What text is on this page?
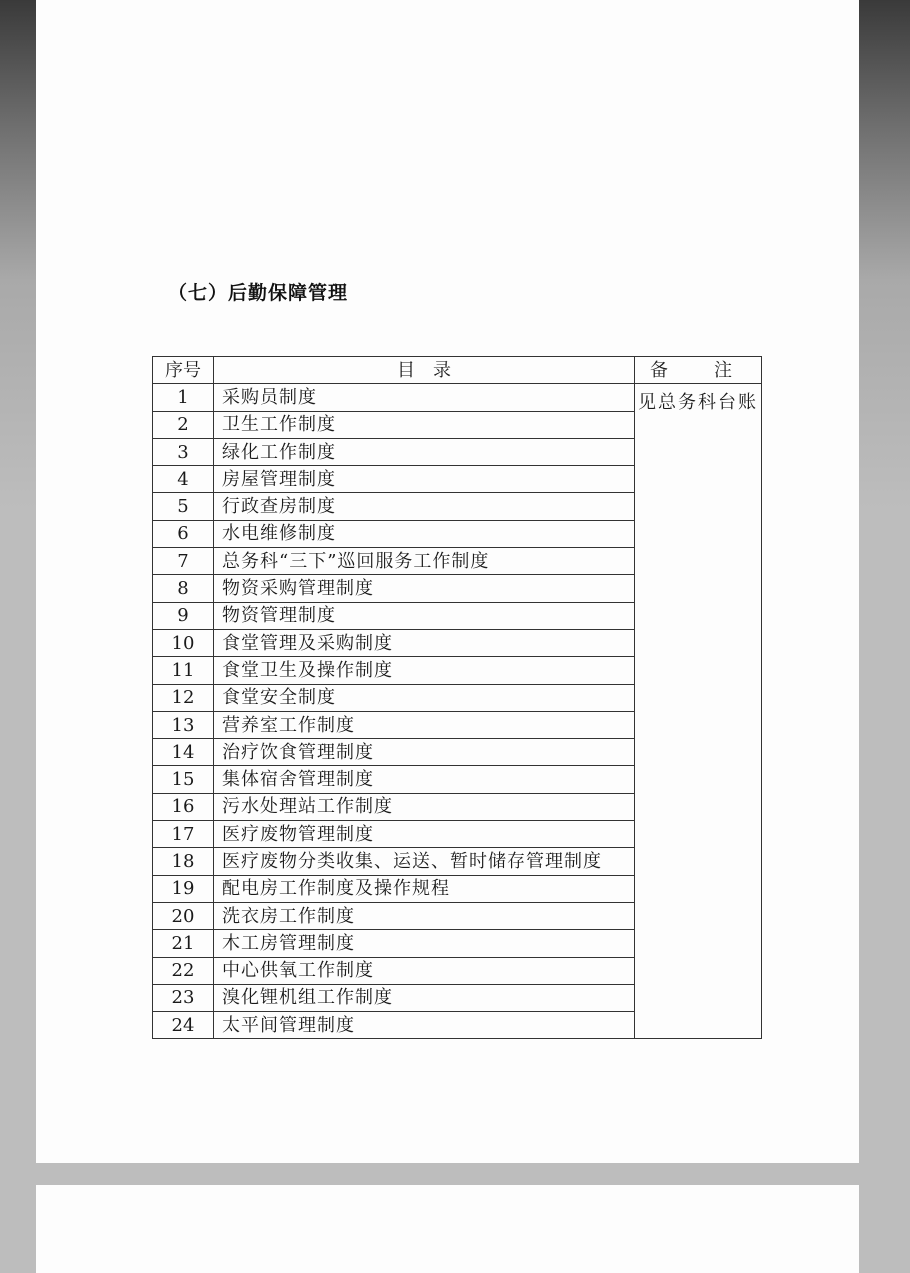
（七）后勤保障管理
序号	目　录	备　注
1	采购员制度	见总务科台账
2	卫生工作制度	
3	绿化工作制度	
4	房屋管理制度	
5	行政查房制度	
6	水电维修制度	
7	总务科“三下”巡回服务工作制度	
8	物资采购管理制度	
9	物资管理制度	
10	食堂管理及采购制度	
11	食堂卫生及操作制度	
12	食堂安全制度	
13	营养室工作制度	
14	治疗饮食管理制度	
15	集体宿舍管理制度	
16	污水处理站工作制度	
17	医疗废物管理制度	
18	医疗废物分类收集、运送、暂时储存管理制度	
19	配电房工作制度及操作规程	
20	洗衣房工作制度	
21	木工房管理制度	
22	中心供氧工作制度	
23	溴化锂机组工作制度	
24	太平间管理制度	
